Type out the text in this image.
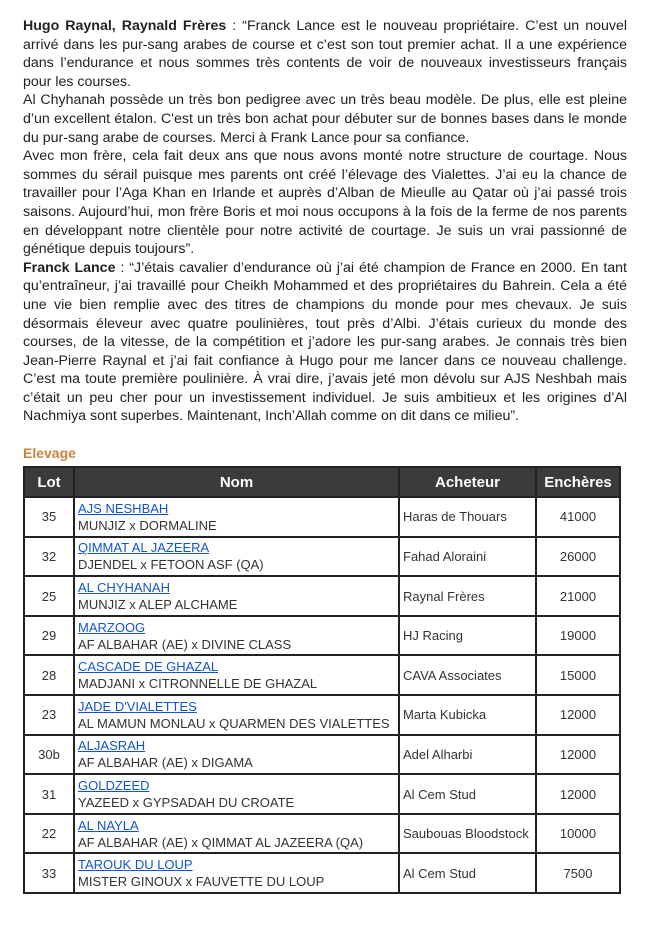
Hugo Raynal, Raynald Frères : “Franck Lance est le nouveau propriétaire. C’est un nouvel arrivé dans les pur-sang arabes de course et c’est son tout premier achat. Il a une expérience dans l’endurance et nous sommes très contents de voir de nouveaux investisseurs français pour les courses.

Al Chyhanah possède un très bon pedigree avec un très beau modèle. De plus, elle est pleine d’un excellent étalon. C'est un très bon achat pour débuter sur de bonnes bases dans le monde du pur-sang arabe de courses. Merci à Frank Lance pour sa confiance.

Avec mon frère, cela fait deux ans que nous avons monté notre structure de courtage. Nous sommes du sérail puisque mes parents ont créé l’élevage des Vialettes. J’ai eu la chance de travailler pour l’Aga Khan en Irlande et auprès d’Alban de Mieulle au Qatar où j’ai passé trois saisons. Aujourd’hui, mon frère Boris et moi nous occupons à la fois de la ferme de nos parents en développant notre clientèle pour notre activité de courtage. Je suis un vrai passionné de génétique depuis toujours”.

Franck Lance : “J’étais cavalier d’endurance où j’ai été champion de France en 2000. En tant qu’entraîneur, j’ai travaillé pour Cheikh Mohammed et des propriétaires du Bahrein. Cela a été une vie bien remplie avec des titres de champions du monde pour mes chevaux. Je suis désormais éleveur avec quatre poulinières, tout près d’Albi. J’étais curieux du monde des courses, de la vitesse, de la compétition et j’adore les pur-sang arabes. Je connais très bien Jean-Pierre Raynal et j’ai fait confiance à Hugo pour me lancer dans ce nouveau challenge. C’est ma toute première poulinière. À vrai dire, j’avais jeté mon dévolu sur AJS Neshbah mais c’était un peu cher pour un investissement individuel. Je suis ambitieux et les origines d’Al Nachmiya sont superbes. Maintenant, Inch’Allah comme on dit dans ce milieu”.

Elevage
Lot	Nom	Acheteur	Enchères
35	AJS NESHBAH
MUNJIZ x DORMALINE	Haras de Thouars	41000
32	QIMMAT AL JAZEERA
DJENDEL x FETOON ASF (QA)	Fahad Aloraini	26000
25	AL CHYHANAH
MUNJIZ x ALEP ALCHAME	Raynal Frères	21000
29	MARZOOG
AF ALBAHAR (AE) x DIVINE CLASS	HJ Racing	19000
28	CASCADE DE GHAZAL
MADJANI x CITRONNELLE DE GHAZAL	CAVA Associates	15000
23	JADE D'VIALETTES
AL MAMUN MONLAU x QUARMEN DES VIALETTES	Marta Kubicka	12000
30b	ALJASRAH
AF ALBAHAR (AE) x DIGAMA	Adel Alharbi	12000
31	GOLDZEED
YAZEED x GYPSADAH DU CROATE	Al Cem Stud	12000
22	AL NAYLA
AF ALBAHAR (AE) x QIMMAT AL JAZEERA (QA)	Saubouas Bloodstock	10000
33	TAROUK DU LOUP
MISTER GINOUX x FAUVETTE DU LOUP	Al Cem Stud	7500
